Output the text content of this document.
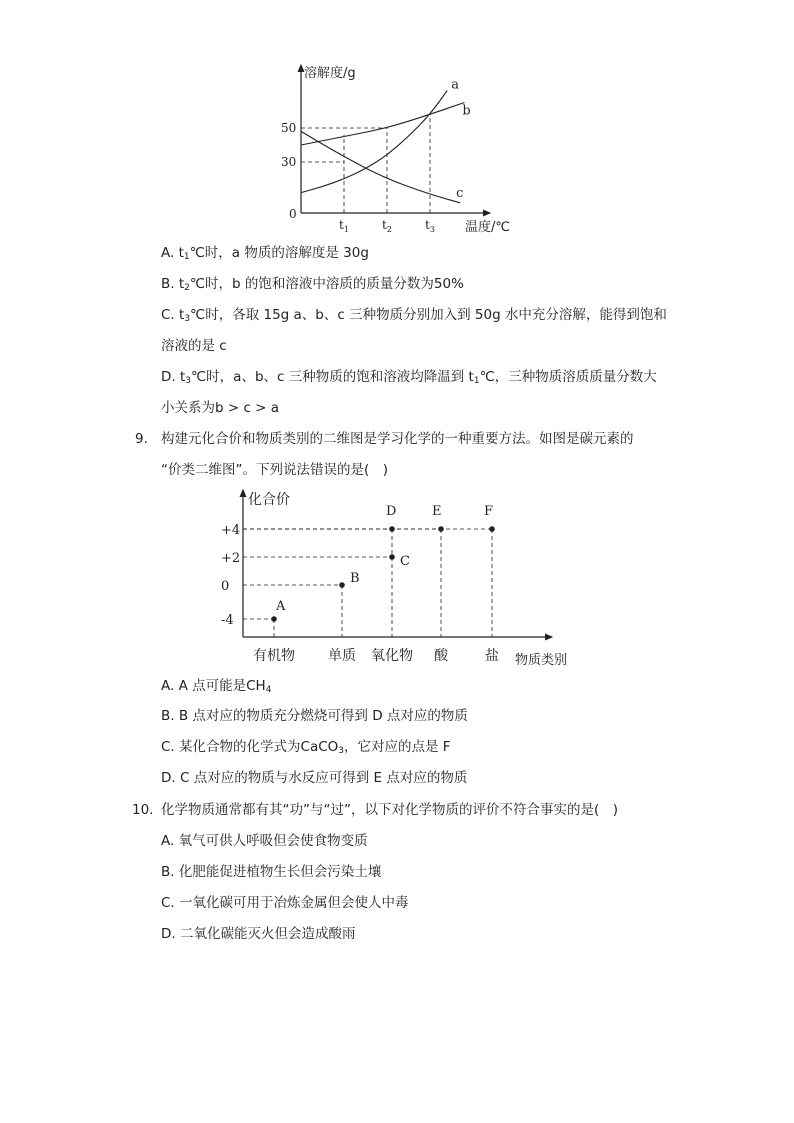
溶解度/g
温度/℃
0
30
50
$t_1$	$t_2$	$t_3$
a
b
c
A. $t_1℃$时，a 物质的溶解度是 30g
B. $t_2℃$时，b 的饱和溶液中溶质的质量分数为50%
C. $t_3℃$时，各取 15g a、b、c 三种物质分别加入到 50g 水中充分溶解，能得到饱和
溶液的是 c
D. $t_3℃$时，a、b、c 三种物质的饱和溶液均降温到 $t_1℃$，三种物质溶质质量分数大
小关系为b > c > a
9. 构建元化合价和物质类别的二维图是学习化学的一种重要方法。如图是碳元素的
“价类二维图”。下列说法错误的是(　)
化合价
物质类别
+4
+2
0
-4
有机物 单质 氧化物 酸	盐
A
B
C
D	E	F
A. A 点可能是$CH_4$
B. B 点对应的物质充分燃烧可得到 D 点对应的物质
C. 某化合物的化学式为CaCO$_3$，它对应的点是 F
D. C 点对应的物质与水反应可得到 E 点对应的物质
10. 化学物质通常都有其“功”与“过”，以下对化学物质的评价不符合事实的是(　)
A. 氧气可供人呼吸但会使食物变质
B. 化肥能促进植物生长但会污染土壤
C. 一氧化碳可用于冶炼金属但会使人中毒
D. 二氧化碳能灭火但会造成酸雨
